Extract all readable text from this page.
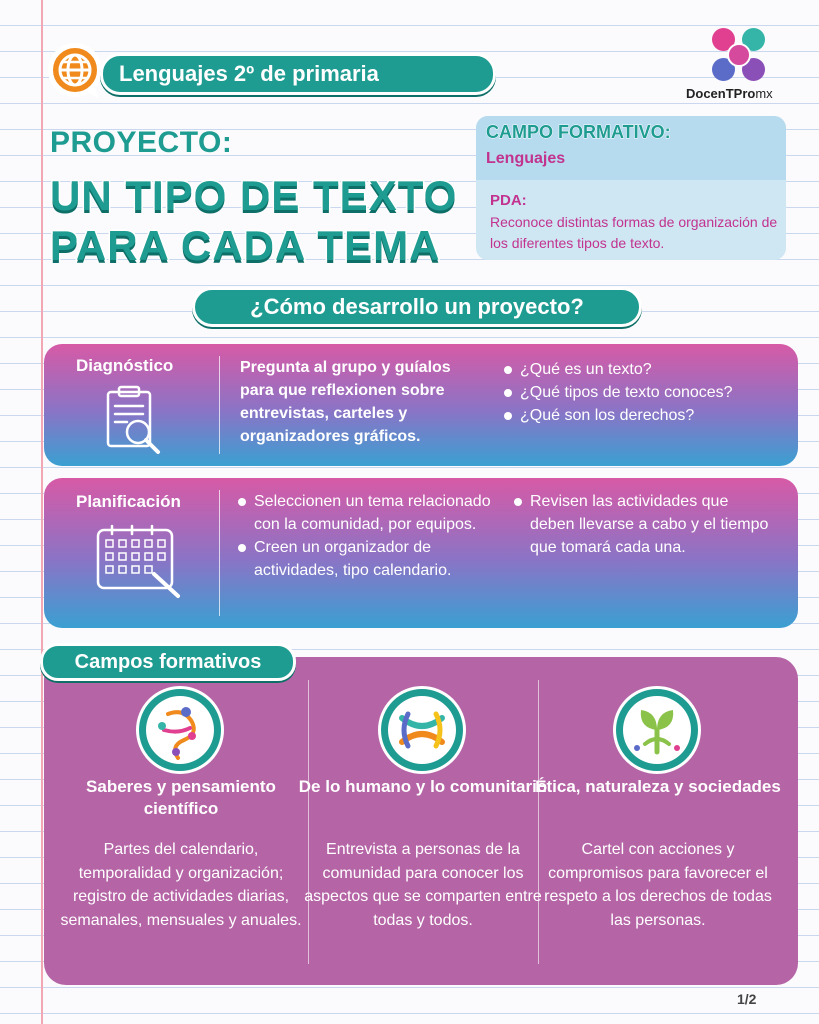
Lenguajes 2º de primaria
DocenTPromx
PROYECTO:
UN TIPO DE TEXTO
PARA CADA TEMA
CAMPO FORMATIVO:
Lenguajes
PDA:
Reconoce distintas formas de organización de los diferentes tipos de texto.
¿Cómo desarrollo un proyecto?
Diagnóstico	Pregunta al grupo y guíalos para que reflexionen sobre entrevistas, carteles y organizadores gráficos.
¿Qué es un texto?
¿Qué tipos de texto conoces?
¿Qué son los derechos?
Planificación	Seleccionen un tema relacionado con la comunidad, por equipos.
Creen un organizador de actividades, tipo calendario.
Revisen las actividades que deben llevarse a cabo y el tiempo que tomará cada una.
Campos formativos
Saberes y pensamiento científico
Partes del calendario, temporalidad y organización; registro de actividades diarias, semanales, mensuales y anuales.
De lo humano y lo comunitario
Entrevista a personas de la comunidad para conocer los aspectos que se comparten entre todas y todos.
Ética, naturaleza y sociedades
Cartel con acciones y compromisos para favorecer el respeto a los derechos de todas las personas.
1/2
